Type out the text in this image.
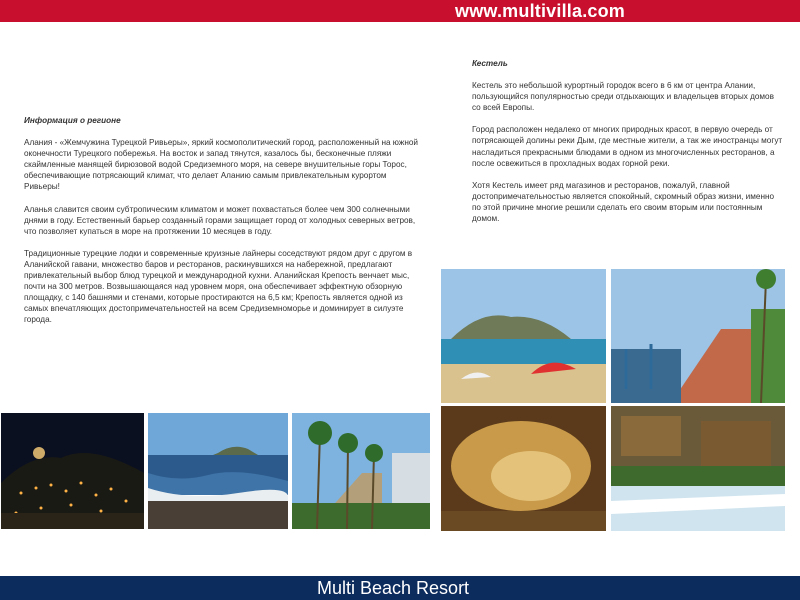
www.multivilla.com

Информация о регионе

Алания - «Жемчужина Турецкой Ривьеры», яркий космополитический город, расположенный на южной оконечности Турецкого побережья. На восток и запад тянутся, казалось бы, бесконечные пляжи скаймленные манящей бирюзовой водой Средиземного моря, на севере внушительные горы Торос, обеспечивающие потрясающий климат, что делает Аланию самым привлекательным курортом Ривьеры!

Аланья славится своим субтропическим климатом и может похвастаться более чем 300 солнечными днями в году. Естественный барьер созданный горами защищает город от холодных северных ветров, что позволяет купаться в море на протяжении 10 месяцев в году.

Традиционные турецкие лодки и современные круизные лайнеры соседствуют рядом друг с другом в Аланийской гавани, множество баров и ресторанов, раскинувшихся на набережной, предлагают привлекательный выбор блюд турецкой и международной кухни. Аланийская Крепость венчает мыс, почти на 300 метров. Возвышающаяся над уровнем моря, она обеспечивает эффектную обзорную площадку, с 140 башнями и стенами, которые простираются на 6,5 км; Крепость является одной из самых впечатляющих достопримечательностей на всем Средиземноморье и доминирует в силуэте города.

Кестель

Кестель это небольшой курортный городок всего в 6 км от центра Алании, пользующийся популярностью среди отдыхающих и владельцев вторых домов со всей Европы.

Город расположен недалеко от многих природных красот, в первую очередь от потрясающей долины реки Дым, где местные жители, а так же иностранцы могут насладиться прекрасными блюдами в одном из многочисленных ресторанов, а после освежиться в прохладных водах горной реки.

Хотя Кестель имеет ряд магазинов и ресторанов, пожалуй, главной достопримечательностью является спокойный, скромный образ жизни, именно по этой причине многие решили сделать его своим вторым или постоянным домом.

Multi Beach Resort
